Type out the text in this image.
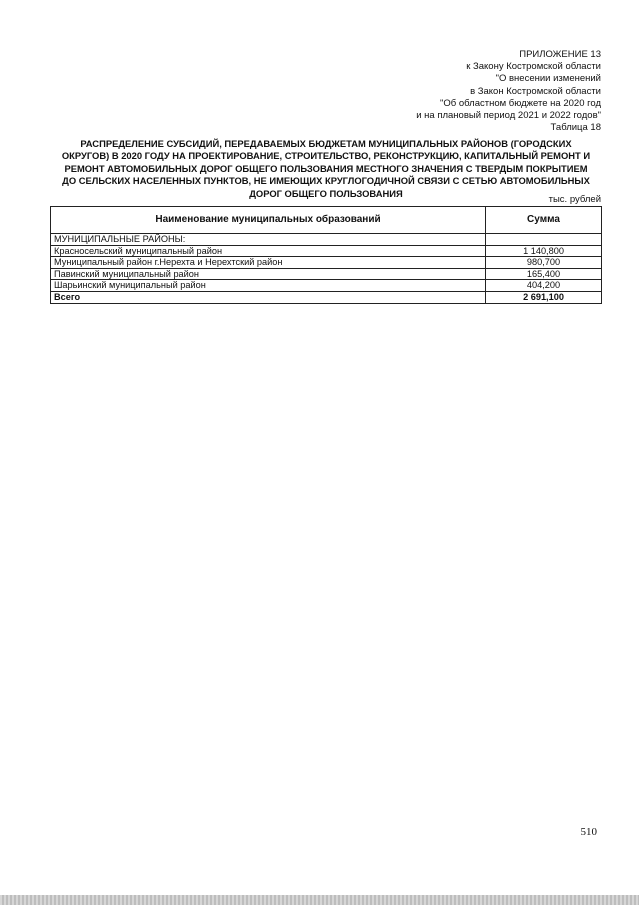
ПРИЛОЖЕНИЕ 13
к Закону Костромской области
"О внесении изменений
в Закон Костромской области
"Об областном бюджете на 2020 год
и на плановый период 2021 и 2022 годов"
Таблица 18
РАСПРЕДЕЛЕНИЕ СУБСИДИЙ, ПЕРЕДАВАЕМЫХ БЮДЖЕТАМ МУНИЦИПАЛЬНЫХ РАЙОНОВ (ГОРОДСКИХ
ОКРУГОВ) В 2020 ГОДУ НА ПРОЕКТИРОВАНИЕ, СТРОИТЕЛЬСТВО, РЕКОНСТРУКЦИЮ, КАПИТАЛЬНЫЙ РЕМОНТ И
РЕМОНТ АВТОМОБИЛЬНЫХ ДОРОГ ОБЩЕГО ПОЛЬЗОВАНИЯ МЕСТНОГО ЗНАЧЕНИЯ С ТВЕРДЫМ ПОКРЫТИЕМ
ДО СЕЛЬСКИХ НАСЕЛЕННЫХ ПУНКТОВ, НЕ ИМЕЮЩИХ КРУГЛОГОДИЧНОЙ СВЯЗИ С СЕТЬЮ АВТОМОБИЛЬНЫХ
ДОРОГ ОБЩЕГО ПОЛЬЗОВАНИЯ
тыс. рублей
Наименование муниципальных образований	Сумма
МУНИЦИПАЛЬНЫЕ РАЙОНЫ:	
Красносельский муниципальный район	1 140,800
Муниципальный район г.Нерехта и Нерехтский район	980,700
Павинский муниципальный район	165,400
Шарьинский муниципальный район	404,200
Всего	2 691,100
510
